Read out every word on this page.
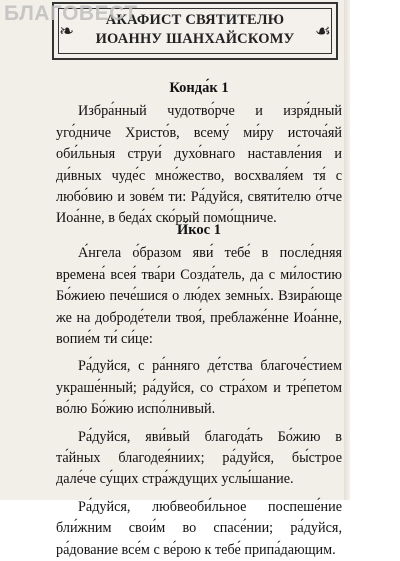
❧	☙
АКАФИСТ СВЯТИТЕЛЮ
ИОАННУ ШАНХАЙСКОМУ
Конда́к 1

Избра́нный чудотво́рче и изря́дный уго́дниче Христо́в, всему́ ми́ру источа́яй оби́льныя струи́ духо́внаго наставле́ния и ди́вных чуде́с мно́жество, восхваля́ем тя́ с любо́вию и зове́м ти: Ра́дуйся, святи́телю о́тче Иоа́нне, в беда́х ско́рый помо́щниче.

И́кос 1

А́нгела о́бразом яви́ тебе́ в после́дняя времена́ всея́ тва́ри Созда́тель, да с ми́лостию Бо́жиею пече́шися о лю́дех земны́х. Взира́юще же на доброде́тели твоя́, преблаже́нне Иоа́нне, вопие́м ти́ си́це:

Ра́дуйся, с ра́нняго де́тства благоче́стием украше́нный; ра́дуйся, со стра́хом и тре́петом во́лю Бо́жию испо́лнивый.

Ра́дуйся, яви́вый благода́ть Бо́жию в та́йных благодея́ниих; ра́дуйся, бы́строе дале́че су́щих стра́ждущих услы́шание.

Ра́дуйся, любвеоби́льное поспеше́ние бли́жним свои́м во спасе́нии; ра́дуйся, ра́дование все́м с ве́рою к тебе́ припа́дающим.

БЛАГОВЕСТ
